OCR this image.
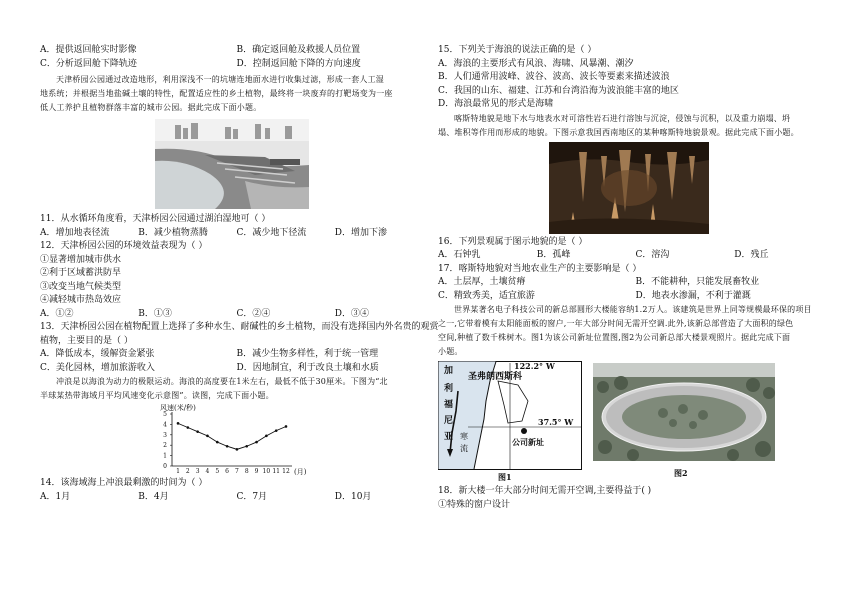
A．提供返回舱实时影像	B．确定返回舱及救援人员位置
C．分析返回舱下降轨迹	D．控制返回舱下降的方向速度
天津桥园公园通过改造地形，利用深浅不一的坑塘连地面水进行收集过滤，形成一套人工湿
地系统；并根据当地盐碱土壤的特性，配置适应性的乡土植物，最终将一块废弃的打靶场变为一座
低人工养护且植物群落丰富的城市公园。据此完成下面小题。
11．从水循环角度看，天津桥园公园通过湖泊湿地可（ ）
A．增加地表径流	B．减少植物蒸腾	C．减少地下径流	D．增加下渗
12．天津桥园公园的环境效益表现为（ ）
①显著增加城市供水
②利于区域蓄洪防旱
③改变当地气候类型
④减轻城市热岛效应
A．①②	B．①③	C．②④	D．③④
13．天津桥园公园在植物配置上选择了多种水生、耐碱性的乡土植物，而没有选择国内外名贵的观赏
植物，主要目的是（ ）
A．降低成本，缓解资金紧张	B．减少生物多样性，利于统一管理
C．美化园林，增加旅游收入	D．因地制宜，利于改良土壤和水质
冲浪是以海浪为动力的极限运动。海浪的高度要在1米左右，最低不低于30厘米。下图为“北
半球某热带海域月平均风速变化示意图”。读图，完成下面小题。
风速(米/秒)
0
1
2
3
4
5
1 2 3 4 5 6 7 8 9 10 11 12 (月)
14．该海域海上冲浪最剩激的时间为（ ）
A．1月	B．4月	C．7月	D．10月
15．下列关于海浪的说法正确的是（ ）
A．海浪的主要形式有风浪、海啸、风暴潮、潮汐
B．人们通常用波峰、波谷、波高、波长等要素来描述波浪
C．我国的山东、福建、江苏和台湾沿海为波浪能丰富的地区
D．海浪最常见的形式是海啸
喀斯特地貌是地下水与地表水对可溶性岩石进行溶蚀与沉淀，侵蚀与沉积，以及重力崩塌、坍
塌、堆积等作用而形成的地貌。下图示意我国西南地区的某种喀斯特地貌景观。据此完成下面小题。
16．下列景观属于图示地貌的是（ ）
A．石钟乳	B．孤峰	C．溶沟	D．残丘
17．喀斯特地貌对当地农业生产的主要影响是（ ）
A．土层厚，土壤贫瘠	B．不能耕种，只能发展畜牧业
C．精致秀美，适宜旅游	D．地表水渗漏，不利于灌溉
世界某著名电子科技公司的新总部圆形大楼能容纳1.2万人。该建筑是世界上同等规模最环保的项目
之一,它带着模有太阳能面板的窗户,一年大部分时间无需开空调.此外,该新总部营造了大面积的绿色
空间,种植了数千株树木。图1为该公司新址位置图,图2为公司新总部大楼景观照片。据此完成下面
小题。
122.2° W
圣弗朗西斯科
37.5° W
加
利
福
尼
亚 寒
流
公司新址
图1	图2
18．新大楼一年大部分时间无需开空调,主要得益于( )
①特殊的窗户设计
